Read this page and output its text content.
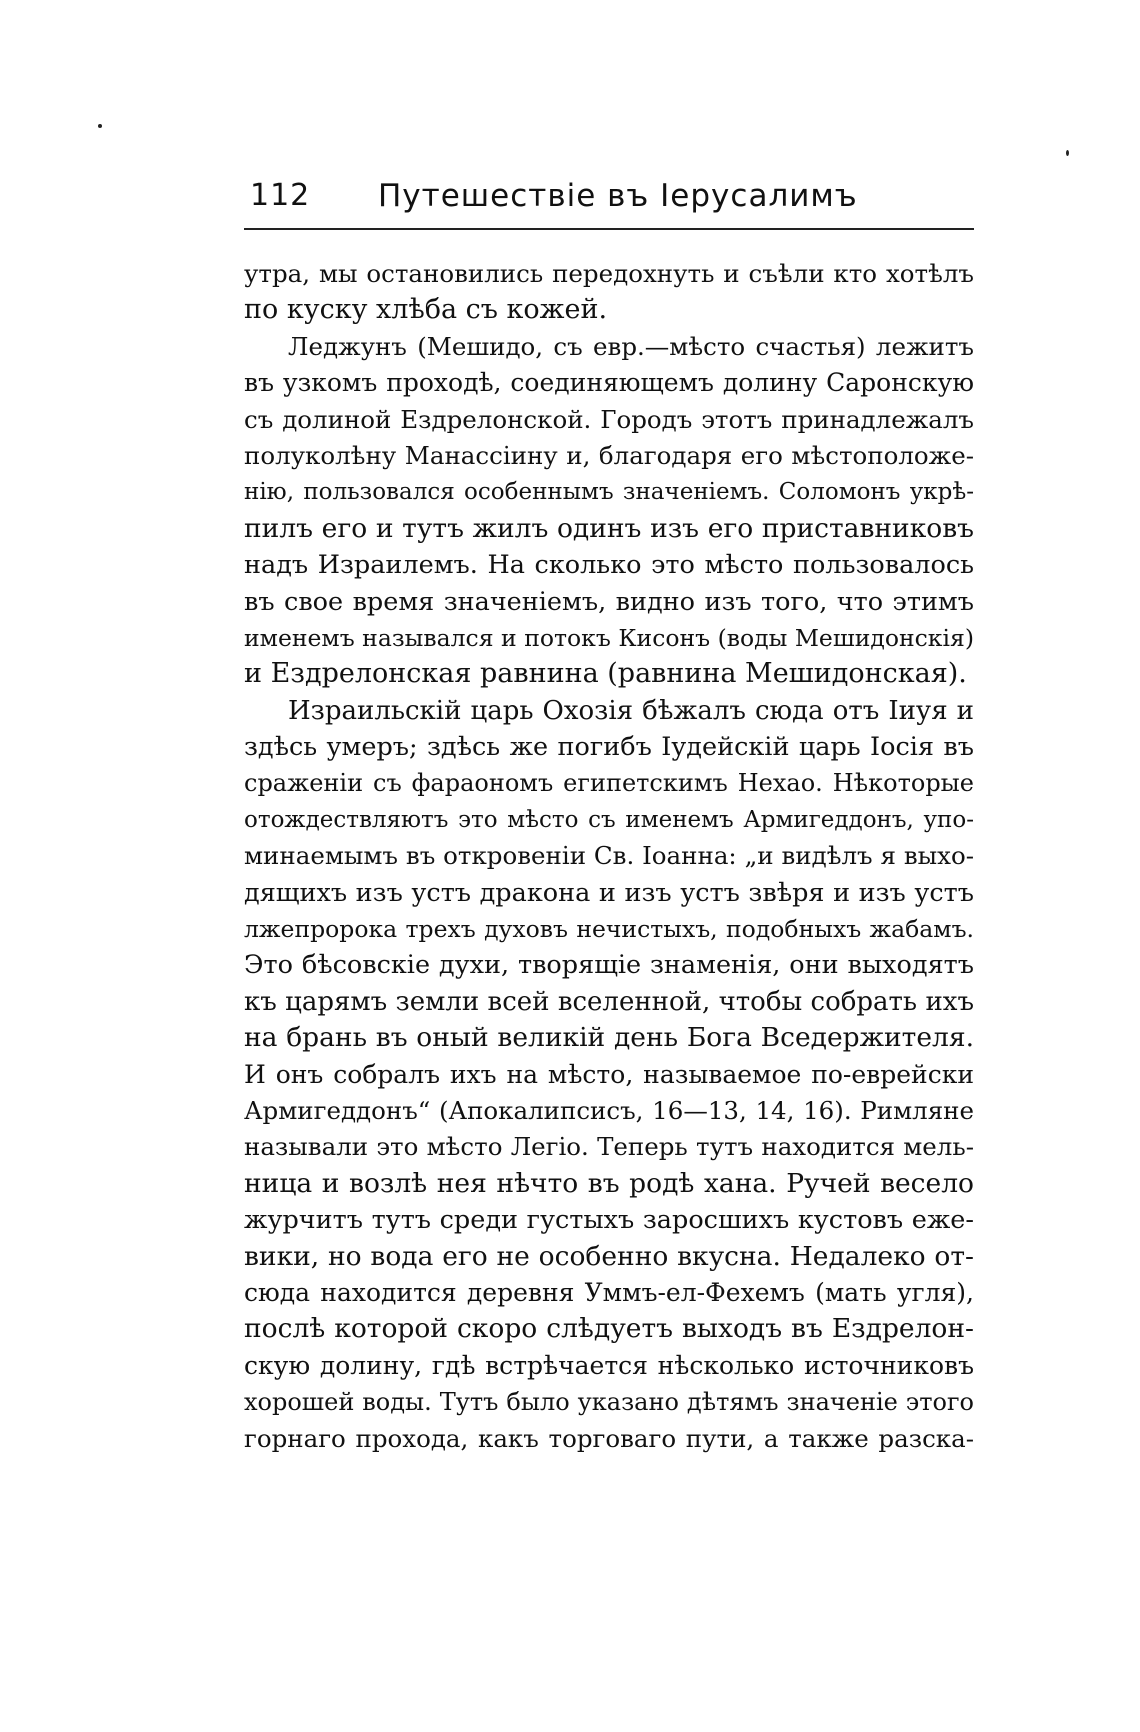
112 Путешествіе въ Іерусалимъ
утра, мы остановились передохнуть и съѣли кто хотѣлъ
по куску хлѣба съ кожей.
Леджунъ (Мешидо, съ евр.—мѣсто счастья) лежитъ
въ узкомъ проходѣ, соединяющемъ долину Саронскую
съ долиной Ездрелонской. Городъ этотъ принадлежалъ
полуколѣну Манассіину и, благодаря его мѣстоположе-
нію, пользовался особеннымъ значеніемъ. Соломонъ укрѣ-
пилъ его и тутъ жилъ одинъ изъ его приставниковъ
надъ Израилемъ. На сколько это мѣсто пользовалось
въ свое время значеніемъ, видно изъ того, что этимъ
именемъ назывался и потокъ Кисонъ (воды Мешидонскія)
и Ездрелонская равнина (равнина Мешидонская).
Израильскій царь Охозія бѣжалъ сюда отъ Іиуя и
здѣсь умеръ; здѣсь же погибъ Іудейскій царь Іосія въ
сраженіи съ фараономъ египетскимъ Нехао. Нѣкоторые
отождествляютъ это мѣсто съ именемъ Армигеддонъ, упо-
минаемымъ въ откровеніи Св. Іоанна: „и видѣлъ я выхо-
дящихъ изъ устъ дракона и изъ устъ звѣря и изъ устъ
лжепророка трехъ духовъ нечистыхъ, подобныхъ жабамъ.
Это бѣсовскіе духи, творящіе знаменія, они выходятъ
къ царямъ земли всей вселенной, чтобы собрать ихъ
на брань въ оный великій день Бога Вседержителя.
И онъ собралъ ихъ на мѣсто, называемое по-еврейски
Армигеддонъ“ (Апокалипсисъ, 16—13, 14, 16). Римляне
называли это мѣсто Легіо. Теперь тутъ находится мель-
ница и возлѣ нея нѣчто въ родѣ хана. Ручей весело
журчитъ тутъ среди густыхъ заросшихъ кустовъ еже-
вики, но вода его не особенно вкусна. Недалеко от-
сюда находится деревня Уммъ-ел-Фехемъ (мать угля),
послѣ которой скоро слѣдуетъ выходъ въ Ездрелон-
скую долину, гдѣ встрѣчается нѣсколько источниковъ
хорошей воды. Тутъ было указано дѣтямъ значеніе этого
горнаго прохода, какъ торговаго пути, а также разска-
